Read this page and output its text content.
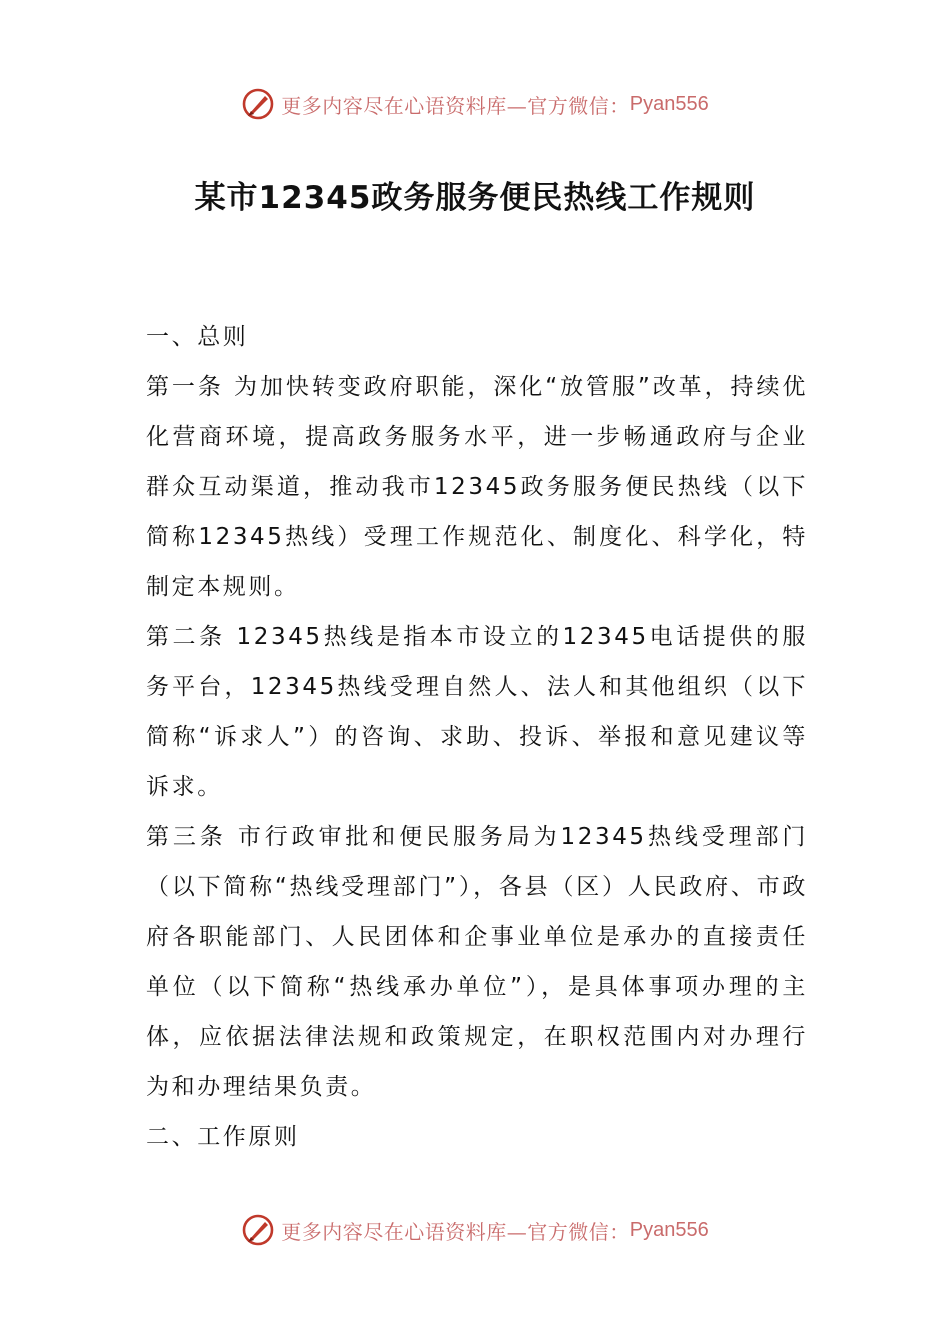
更多内容尽在心语资料库—官方微信： Pyan556
某市12345政务服务便民热线工作规则

一、总则

第一条 为加快转变政府职能，深化“放管服”改革，持续优化营商环境，提高政务服务水平，进一步畅通政府与企业群众互动渠道，推动我市12345政务服务便民热线（以下简称12345热线）受理工作规范化、制度化、科学化，特制定本规则。

第二条 12345热线是指本市设立的12345电话提供的服务平台，12345热线受理自然人、法人和其他组织（以下简称“诉求人”）的咨询、求助、投诉、举报和意见建议等诉求。

第三条 市行政审批和便民服务局为12345热线受理部门（以下简称“热线受理部门”），各县（区）人民政府、市政府各职能部门、人民团体和企事业单位是承办的直接责任单位（以下简称“热线承办单位”），是具体事项办理的主体，应依据法律法规和政策规定，在职权范围内对办理行为和办理结果负责。

二、工作原则

更多内容尽在心语资料库—官方微信： Pyan556
